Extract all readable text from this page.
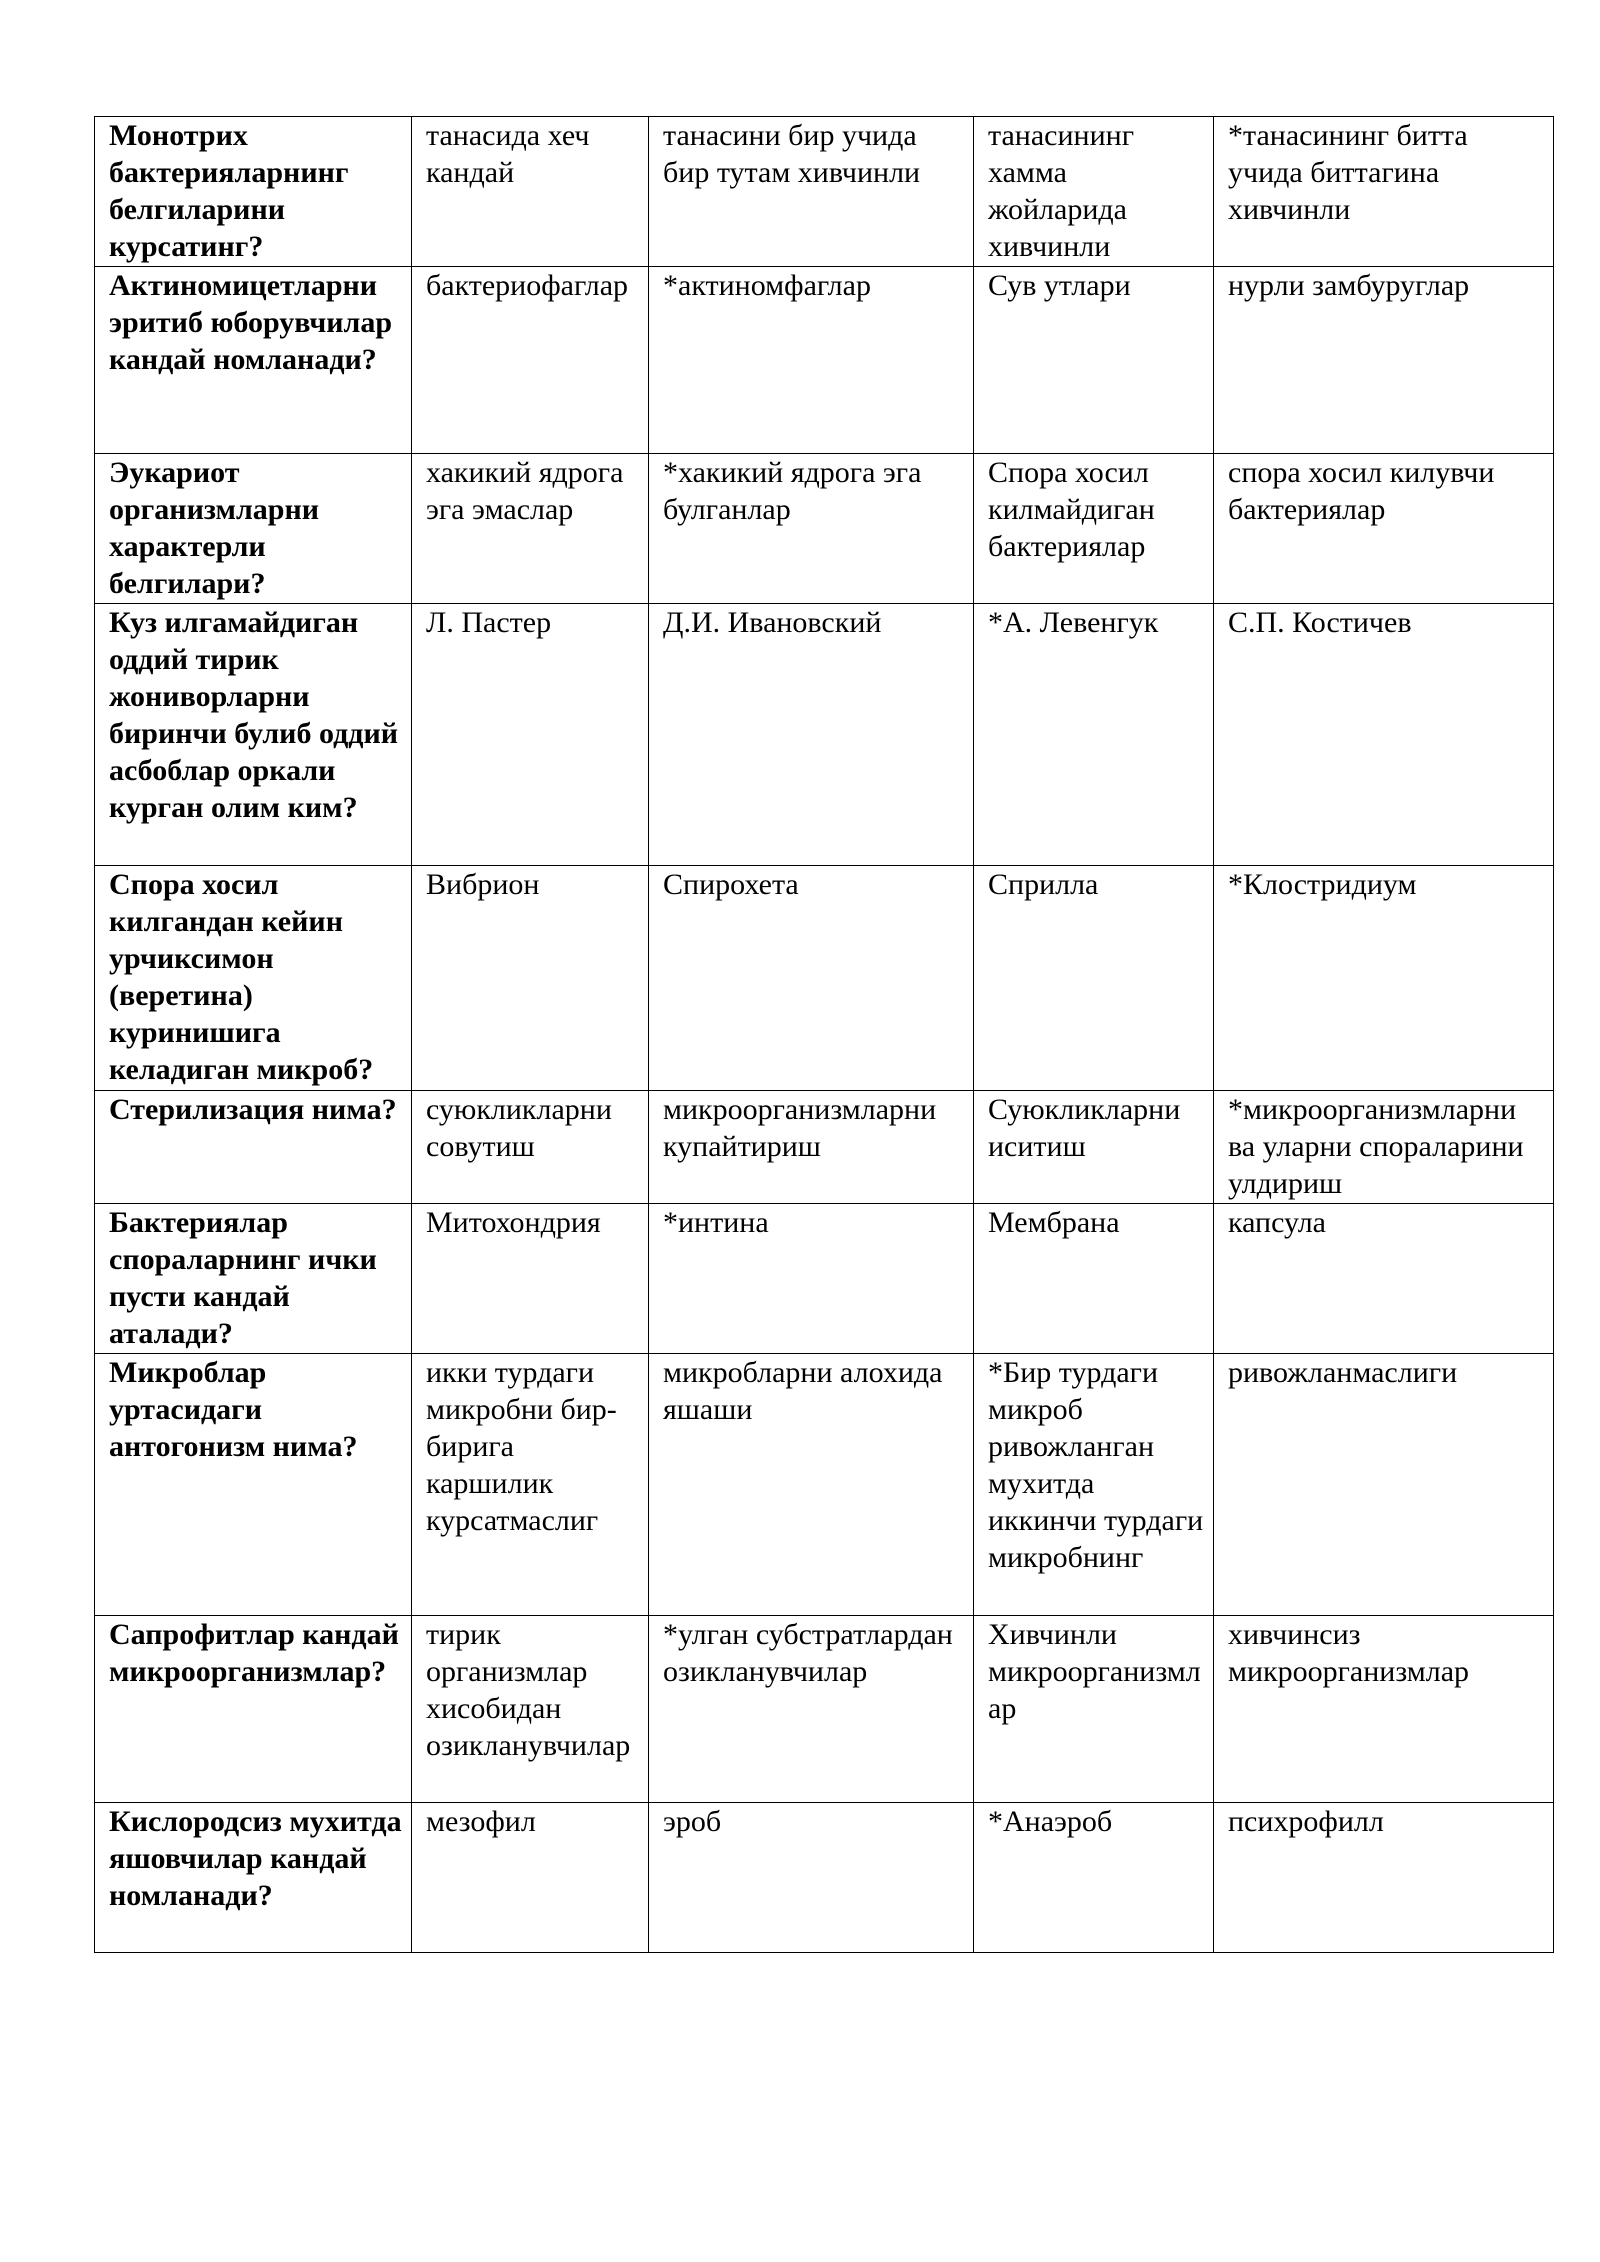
Монотрих бактерияларнинг белгиларини курсатинг?	танасида хеч кандай	танасини бир учида бир тутам хивчинли	танасининг хамма жойларида хивчинли	*танасининг битта учида биттагина хивчинли

Актиномицетларни эритиб юборувчилар кандай номланади?	бактериофаглар	*актиномфаглар	Сув утлари	нурли замбуруглар

Эукариот организмларни характерли белгилари?	хакикий ядрога эга эмаслар	*хакикий ядрога эга булганлар	Спора хосил килмайдиган бактериялар	спора хосил килувчи бактериялар

Куз илгамайдиган оддий тирик жониворларни биринчи булиб оддий асбоблар оркали курган олим ким?	Л. Пастер	Д.И. Ивановский	*А. Левенгук	С.П. Костичев

Спора хосил килгандан кейин урчиксимон (веретина) куринишига келадиган микроб?	Вибрион	Спирохета	Сприлла	*Клостридиум

Стерилизация нима?	суюкликларни совутиш	микроорганизмларни купайтириш	Суюкликларни иситиш	*микроорганизмларни ва уларни спораларини улдириш

Бактериялар спораларнинг ички пусти кандай аталади?	Митохондрия	*интина	Мембрана	капсула

Микроблар уртасидаги антогонизм нима?	икки турдаги микробни бир-бирига каршилик курсатмаслиг	микробларни алохида яшаши	*Бир турдаги микроб ривожланган мухитда иккинчи турдаги микробнинг	ривожланмаслиги

Сапрофитлар кандай микроорганизмлар?	тирик организмлар хисобидан озикланувчилар	*улган субстратлардан озикланувчилар	Хивчинли микроорганизмлар	хивчинсиз микроорганизмлар

Кислородсиз мухитда яшовчилар кандай номланади?	мезофил	эроб	*Анаэроб	психрофилл
